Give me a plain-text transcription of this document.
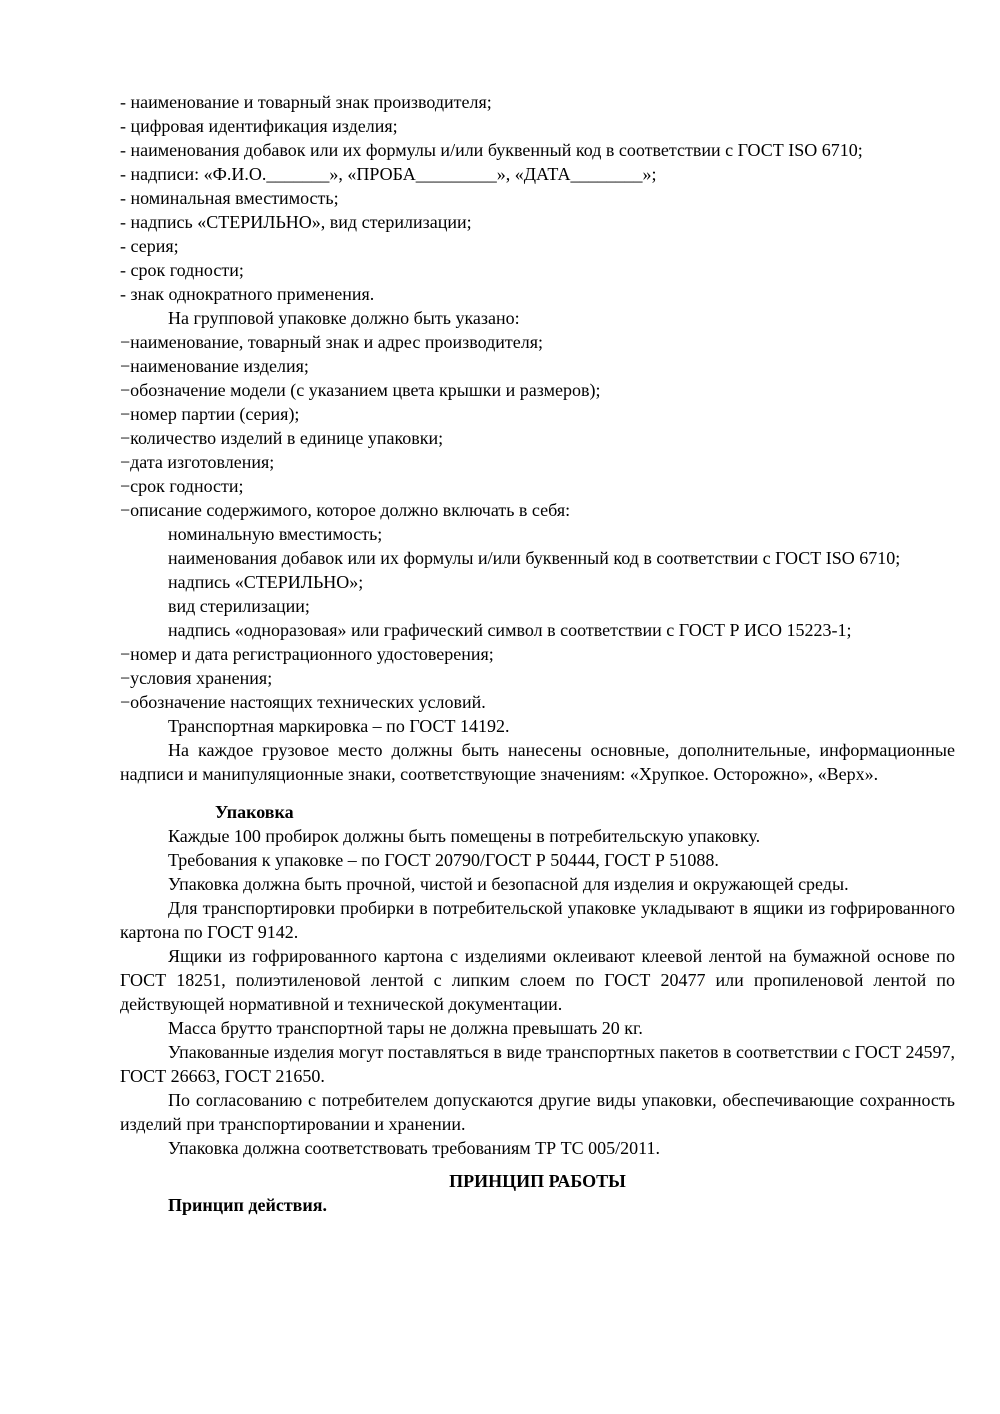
- наименование и товарный знак производителя;

- цифровая идентификация изделия;

- наименования добавок или их формулы и/или буквенный код в соответствии с ГОСТ ISO 6710;

- надписи: «Ф.И.О._______», «ПРОБА_________», «ДАТА________»;

- номинальная вместимость;

- надпись «СТЕРИЛЬНО», вид стерилизации;

- серия;

- срок годности;

- знак однократного применения.

На групповой упаковке должно быть указано:

−наименование, товарный знак и адрес производителя;

−наименование изделия;

−обозначение модели (с указанием цвета крышки и размеров);

−номер партии (серия);

−количество изделий в единице упаковки;

−дата изготовления;

−срок годности;

−описание содержимого, которое должно включать в себя:

номинальную вместимость;

наименования добавок или их формулы и/или буквенный код в соответствии с ГОСТ ISO 6710;

надпись «СТЕРИЛЬНО»;

вид стерилизации;

надпись «одноразовая» или графический символ в соответствии с ГОСТ Р ИСО 15223-1;

−номер и дата регистрационного удостоверения;

−условия хранения;

−обозначение настоящих технических условий.

Транспортная маркировка – по ГОСТ 14192.

На каждое грузовое место должны быть нанесены основные, дополнительные, информационные надписи и манипуляционные знаки, соответствующие значениям: «Хрупкое. Осторожно», «Верх».

Упаковка

Каждые 100 пробирок должны быть помещены в потребительскую упаковку.

Требования к упаковке – по ГОСТ 20790/ГОСТ Р 50444, ГОСТ Р 51088.

Упаковка должна быть прочной, чистой и безопасной для изделия и окружающей среды.

Для транспортировки пробирки в потребительской упаковке укладывают в ящики из гофрированного картона по ГОСТ 9142.

Ящики из гофрированного картона с изделиями оклеивают клеевой лентой на бумажной основе по ГОСТ 18251, полиэтиленовой лентой с липким слоем по ГОСТ 20477 или пропиленовой лентой по действующей нормативной и технической документации.

Масса брутто транспортной тары не должна превышать 20 кг.

Упакованные изделия могут поставляться в виде транспортных пакетов в соответствии с ГОСТ 24597, ГОСТ 26663, ГОСТ 21650.

По согласованию с потребителем допускаются другие виды упаковки, обеспечивающие сохранность изделий при транспортировании и хранении.

Упаковка должна соответствовать требованиям ТР ТС 005/2011.

ПРИНЦИП РАБОТЫ

Принцип действия.
